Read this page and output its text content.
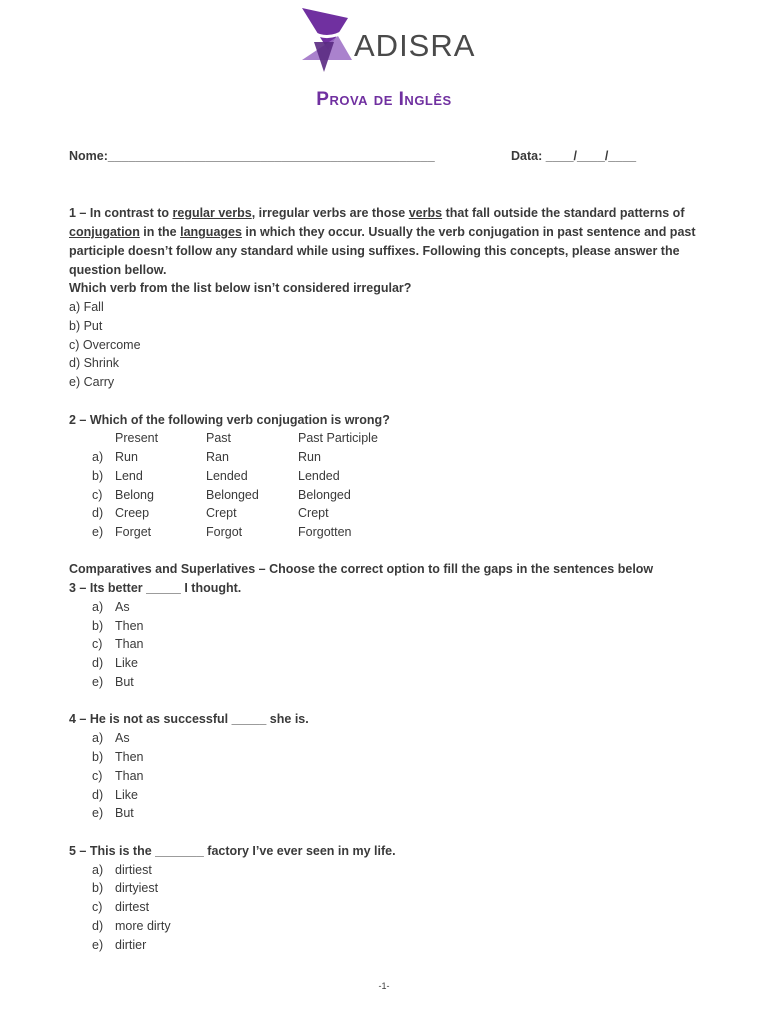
ADISRA
Prova de Inglês
Nome:_______________________________________________	Data: ____/____/____
1 – In contrast to regular verbs, irregular verbs are those verbs that fall outside the standard patterns of
conjugation in the languages in which they occur. Usually the verb conjugation in past sentence and past
participle doesn’t follow any standard while using suffixes. Following this concepts, please answer the
question bellow.
Which verb from the list below isn’t considered irregular?
a) Fall
b) Put
c) Overcome
d) Shrink
e) Carry
2 – Which of the following verb conjugation is wrong?
Present	Past	Past Participle
a) Run	Ran	Run
b) Lend	Lended	Lended
c) Belong	Belonged	Belonged
d) Creep	Crept	Crept
e) Forget	Forgot	Forgotten
Comparatives and Superlatives – Choose the correct option to fill the gaps in the sentences below
3 – Its better _____ I thought.
a) As
b) Then
c) Than
d) Like
e) But
4 – He is not as successful _____ she is.
a) As
b) Then
c) Than
d) Like
e) But
5 – This is the _______ factory I’ve ever seen in my life.
a) dirtiest
b) dirtyiest
c) dirtest
d) more dirty
e) dirtier
-1-
